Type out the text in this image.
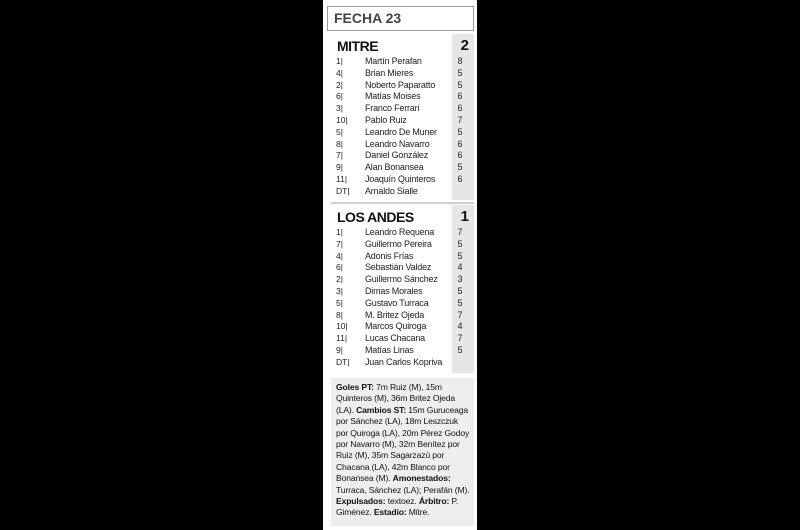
FECHA 23
MITRE	2
1|	Martín Perafan	8
4|	Brian Mieres	5
2|	Noberto Paparatto 5
6|	Matías Moises	6
3|	Franco Ferrari	6
10|	Pablo Ruiz	7
5|	Leandro De Muner 5
8|	Leandro Navarro	6
7|	Daniel González	6
9|	Alan Bonansea	5
11|	Joaquín Quinteros 6
DT|	Arnaldo Sialle
LOS ANDES	1
1|	Leandro Requena	7
7|	Guillermo Pereira	5
4|	Adonis Frías	5
6|	Sebastián Valdez	4
2|	Guillermo Sánchez 3
3|	Dimas Morales	5
5|	Gustavo Turraca	5
8|	M. Britez Ojeda	7
10|	Marcos Quiroga	4
11|	Lucas Chacana	7
9|	Matías Linas	5
DT|	Juan Carlos Kopriva
Goles PT: 7m Ruiz (M), 15m Quinteros (M), 36m Britez Ojeda (LA). Cambios ST: 15m Guruceaga por Sánchez (LA), 18m Leszczuk por Quiroga (LA), 20m Pérez Godoy por Navarro (M), 32m Benítez por Ruiz (M), 35m Sagarzazú por Chacana (LA), 42m Blanco por Bonansea (M). Amonestados: Turraca, Sánchez (LA); Perafán (M). Expulsados: textoez. Árbitro: P. Giménez. Estadio: Mitre.
